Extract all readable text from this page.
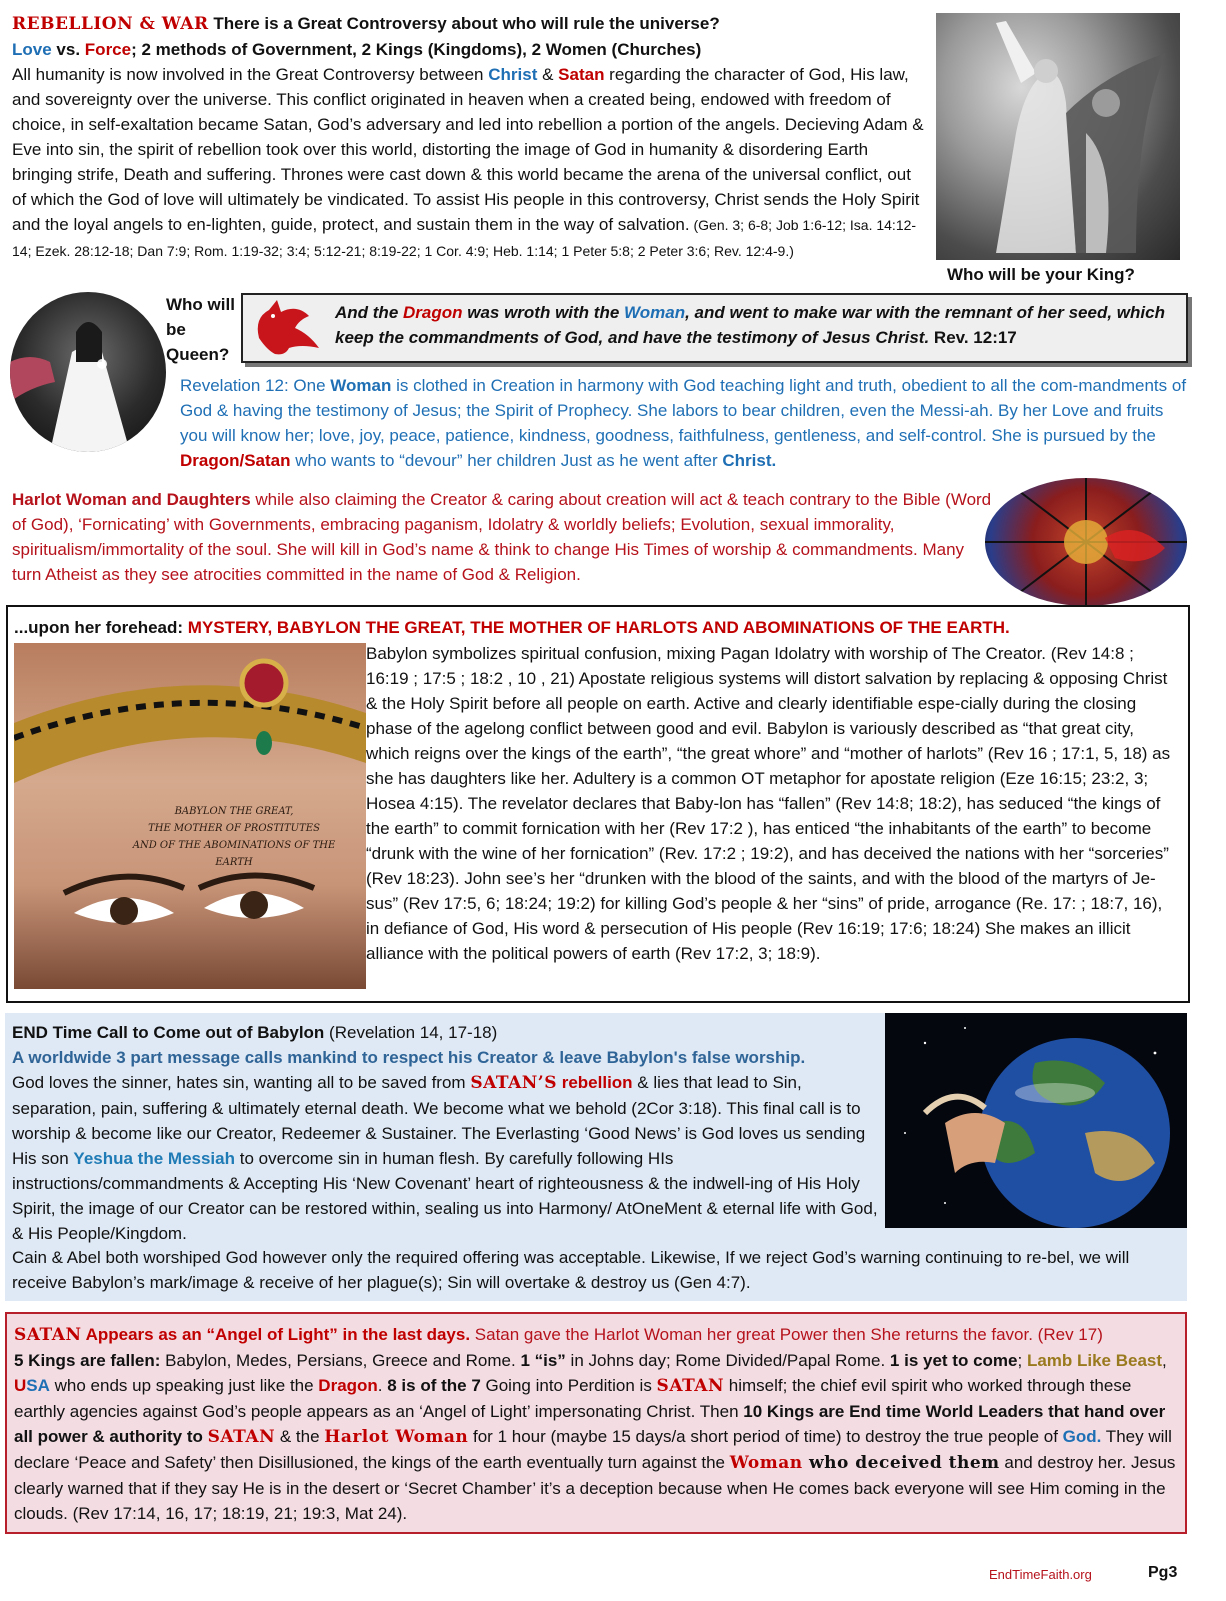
REBELLION & WAR There is a Great Controversy about who will rule the universe?

Love vs. Force; 2 methods of Government, 2 Kings (Kingdoms), 2 Women (Churches)

All humanity is now involved in the Great Controversy between Christ & Satan regarding the character of God, His law, and sovereignty over the universe. This conflict originated in heaven when a created being, endowed with freedom of choice, in self-exaltation became Satan, God’s adversary and led into rebellion a portion of the angels. Decieving Adam & Eve into sin, the spirit of rebellion took over this world, distorting the image of God in humanity & disordering Earth bringing strife, Death and suffering. Thrones were cast down & this world became the arena of the universal conflict, out of which the God of love will ultimately be vindicated. To assist His people in this controversy, Christ sends the Holy Spirit and the loyal angels to en-lighten, guide, protect, and sustain them in the way of salvation. (Gen. 3; 6-8; Job 1:6-12; Isa. 14:12-14; Ezek. 28:12-18; Dan 7:9; Rom. 1:19-32; 3:4; 5:12-21; 8:19-22; 1 Cor. 4:9; Heb. 1:14; 1 Peter 5:8; 2 Peter 3:6; Rev. 12:4-9.)

Who will be your King?
Who will be Queen?

And the Dragon was wroth with the Woman, and went to make war with the remnant of her seed, which keep the commandments of God, and have the testimony of Jesus Christ. Rev. 12:17

Revelation 12: One Woman is clothed in Creation in harmony with God teaching light and truth, obedient to all the com-mandments of God & having the testimony of Jesus; the Spirit of Prophecy. She labors to bear children, even the Messi-ah. By her Love and fruits you will know her; love, joy, peace, patience, kindness, goodness, faithfulness, gentleness, and self-control. She is pursued by the Dragon/Satan who wants to “devour” her children Just as he went after Christ.

Harlot Woman and Daughters while also claiming the Creator & caring about creation will act & teach contrary to the Bible (Word of God), ‘Fornicating’ with Governments, embracing paganism, Idolatry & worldly beliefs; Evolution, sexual immorality, spiritualism/immortality of the soul. She will kill in God’s name & think to change His Times of worship & commandments. Many turn Atheist as they see atrocities committed in the name of God & Religion.

...upon her forehead: MYSTERY, BABYLON THE GREAT, THE MOTHER OF HARLOTS AND ABOMINATIONS OF THE EARTH.

BABYLON THE GREAT,
THE MOTHER OF PROSTITUTES
AND OF THE ABOMINATIONS OF THE EARTH

Babylon symbolizes spiritual confusion, mixing Pagan Idolatry with worship of The Creator. (Rev 14:8 ; 16:19 ; 17:5 ; 18:2 , 10 , 21) Apostate religious systems will distort salvation by replacing & opposing Christ & the Holy Spirit before all people on earth. Active and clearly identifiable espe-cially during the closing phase of the agelong conflict between good and evil. Babylon is variously described as “that great city, which reigns over the kings of the earth”, “the great whore” and “mother of harlots” (Rev 16 ; 17:1, 5, 18) as she has daughters like her. Adultery is a common OT metaphor for apostate religion (Eze 16:15; 23:2, 3; Hosea 4:15). The revelator declares that Baby-lon has “fallen” (Rev 14:8; 18:2), has seduced “the kings of the earth” to commit fornication with her (Rev 17:2 ), has enticed “the inhabitants of the earth” to become “drunk with the wine of her fornication” (Rev. 17:2 ; 19:2), and has deceived the nations with her “sorceries” (Rev 18:23). John see’s her “drunken with the blood of the saints, and with the blood of the martyrs of Je-sus” (Rev 17:5, 6; 18:24; 19:2) for killing God’s people & her “sins” of pride, arrogance (Re. 17: ; 18:7, 16), in defiance of God, His word & persecution of His people (Rev 16:19; 17:6; 18:24) She makes an illicit alliance with the political powers of earth (Rev 17:2, 3; 18:9).

END Time Call to Come out of Babylon (Revelation 14, 17-18)

A worldwide 3 part message calls mankind to respect his Creator & leave Babylon's false worship.

God loves the sinner, hates sin, wanting all to be saved from SATAN’S rebellion & lies that lead to Sin, separation, pain, suffering & ultimately eternal death. We become what we behold (2Cor 3:18). This final call is to worship & become like our Creator, Redeemer & Sustainer. The Everlasting ‘Good News’ is God loves us sending His son Yeshua the Messiah to overcome sin in human flesh. By carefully following HIs instructions/commandments & Accepting His ‘New Covenant’ heart of righteousness & the indwell-ing of His Holy Spirit, the image of our Creator can be restored within, sealing us into Harmony/ AtOneMent & eternal life with God, & His People/Kingdom.

Cain & Abel both worshiped God however only the required offering was acceptable. Likewise, If we reject God’s warning continuing to re-bel, we will receive Babylon’s mark/image & receive of her plague(s); Sin will overtake & destroy us (Gen 4:7).

SATAN Appears as an “Angel of Light” in the last days. Satan gave the Harlot Woman her great Power then She returns the favor. (Rev 17)
5 Kings are fallen: Babylon, Medes, Persians, Greece and Rome. 1 “is” in Johns day; Rome Divided/Papal Rome. 1 is yet to come; Lamb Like Beast, USA who ends up speaking just like the Dragon. 8 is of the 7 Going into Perdition is SATAN himself; the chief evil spirit who worked through these earthly agencies against God’s people appears as an ‘Angel of Light’ impersonating Christ. Then 10 Kings are End time World Leaders that hand over all power & authority to SATAN & the Harlot Woman for 1 hour (maybe 15 days/a short period of time) to destroy the true people of God. They will declare ‘Peace and Safety’ then Disillusioned, the kings of the earth eventually turn against the Woman who deceived them and destroy her. Jesus clearly warned that if they say He is in the desert or ‘Secret Chamber’ it’s a deception because when He comes back everyone will see Him coming in the clouds. (Rev 17:14, 16, 17; 18:19, 21; 19:3, Mat 24).

EndTimeFaith.org	Pg3
